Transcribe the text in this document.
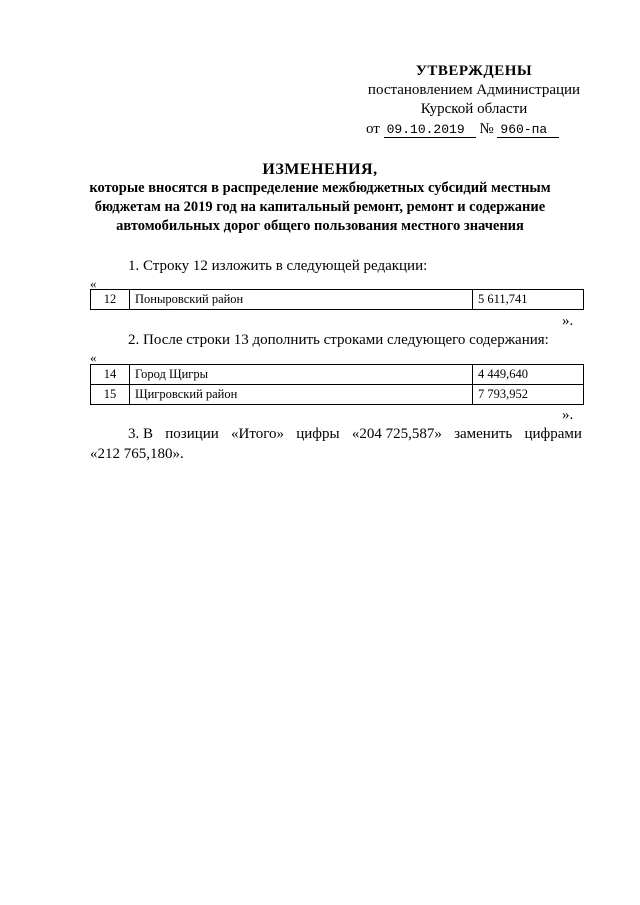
УТВЕРЖДЕНЫ
постановлением Администрации
Курской области
от 09.10.2019 № 960-па
ИЗМЕНЕНИЯ,
которые вносятся в распределение межбюджетных субсидий местным
бюджетам на 2019 год на капитальный ремонт, ремонт и содержание
автомобильных дорог общего пользования местного значения
1. Строку 12 изложить в следующей редакции:
«
12	Поныровский район	5 611,741
».
2. После строки 13 дополнить строками следующего содержания:
«
14	Город Щигры	4 449,640
15	Щигровский район	7 793,952
».
3. В позиции «Итого» цифры «204 725,587» заменить цифрами
«212 765,180».
